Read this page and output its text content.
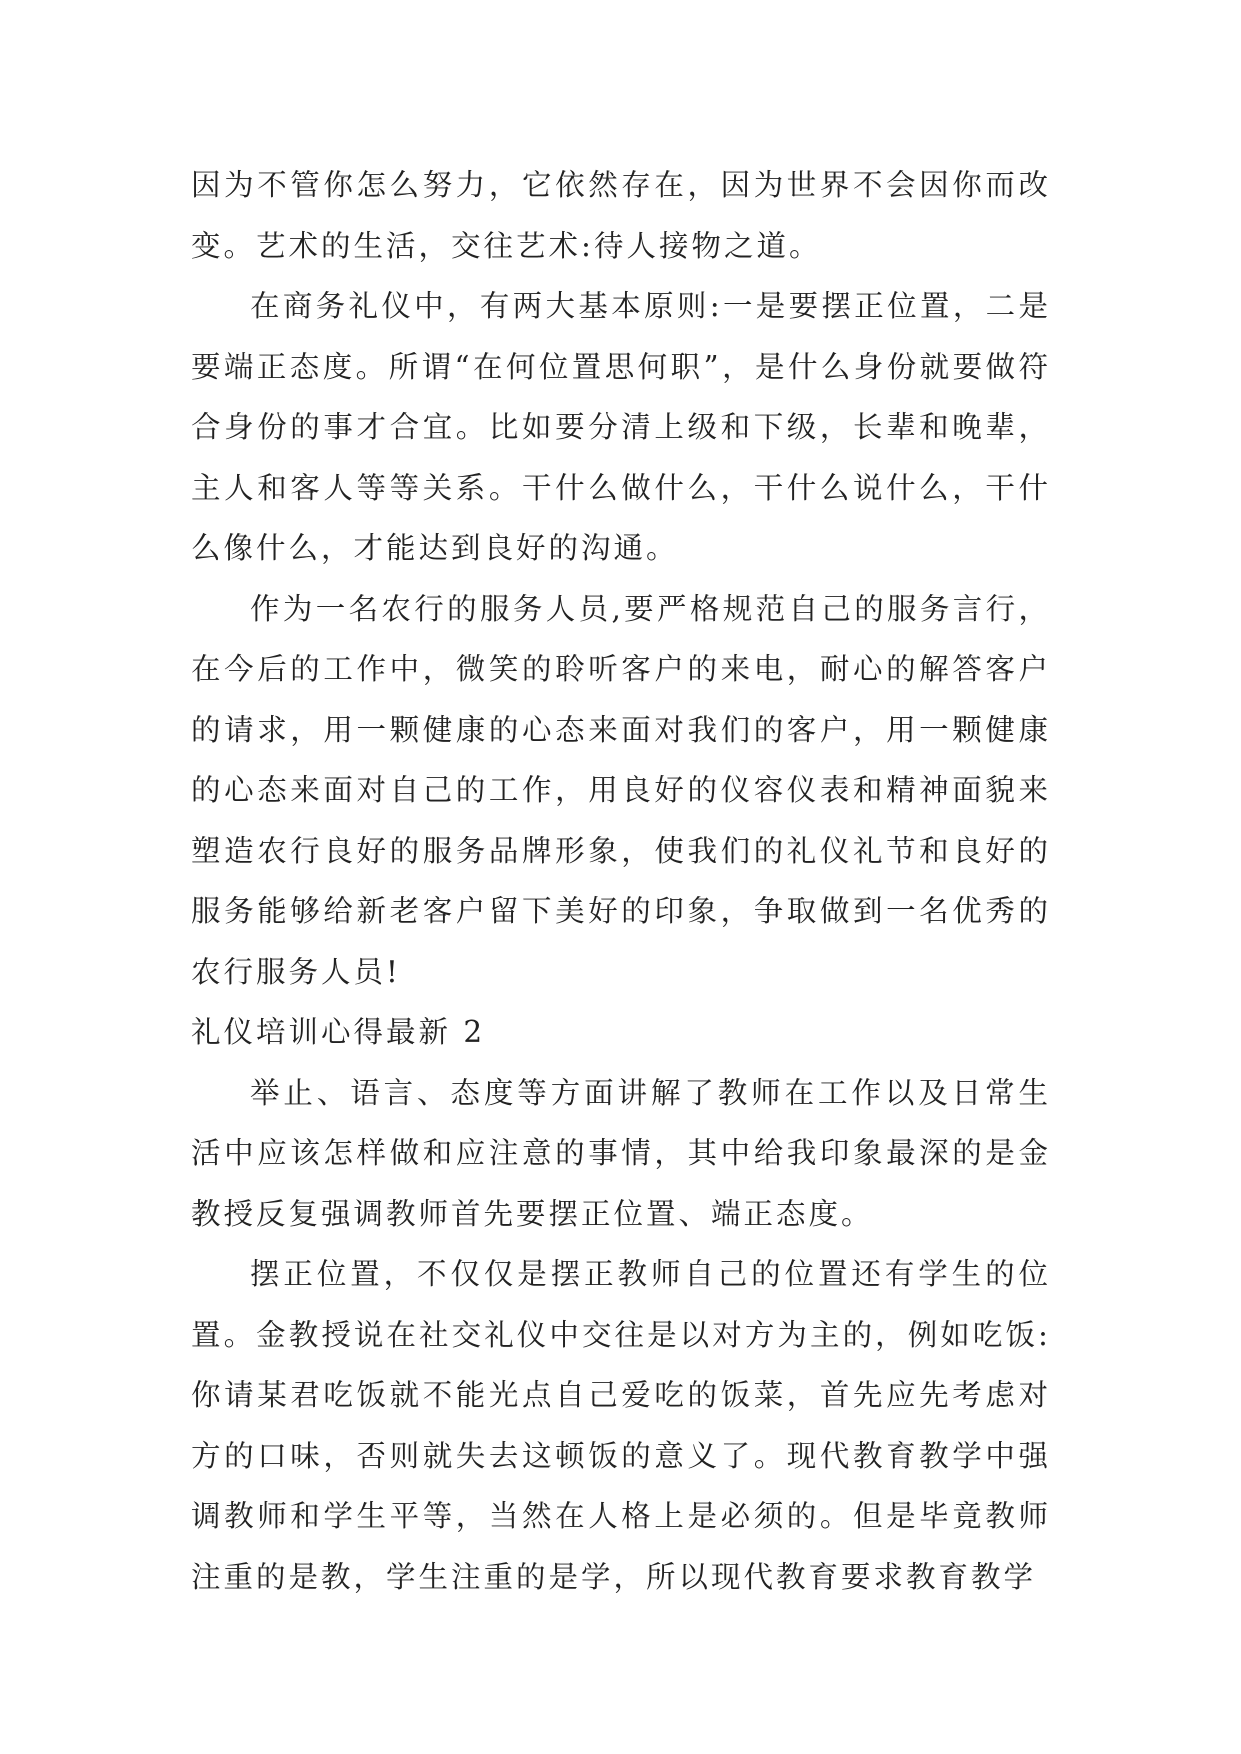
因为不管你怎么努力，它依然存在，因为世界不会因你而改变。艺术的生活，交往艺术:待人接物之道。

在商务礼仪中，有两大基本原则:一是要摆正位置，二是要端正态度。所谓“在何位置思何职”，是什么身份就要做符合身份的事才合宜。比如要分清上级和下级，长辈和晚辈，主人和客人等等关系。干什么做什么，干什么说什么，干什么像什么，才能达到良好的沟通。

作为一名农行的服务人员,要严格规范自己的服务言行，在今后的工作中，微笑的聆听客户的来电，耐心的解答客户的请求，用一颗健康的心态来面对我们的客户，用一颗健康的心态来面对自己的工作，用良好的仪容仪表和精神面貌来塑造农行良好的服务品牌形象，使我们的礼仪礼节和良好的服务能够给新老客户留下美好的印象，争取做到一名优秀的农行服务人员!

礼仪培训心得最新 2

举止、语言、态度等方面讲解了教师在工作以及日常生活中应该怎样做和应注意的事情，其中给我印象最深的是金教授反复强调教师首先要摆正位置、端正态度。

摆正位置，不仅仅是摆正教师自己的位置还有学生的位置。金教授说在社交礼仪中交往是以对方为主的，例如吃饭:你请某君吃饭就不能光点自己爱吃的饭菜，首先应先考虑对方的口味，否则就失去这顿饭的意义了。现代教育教学中强调教师和学生平等，当然在人格上是必须的。但是毕竟教师注重的是教，学生注重的是学，所以现代教育要求教育教学
